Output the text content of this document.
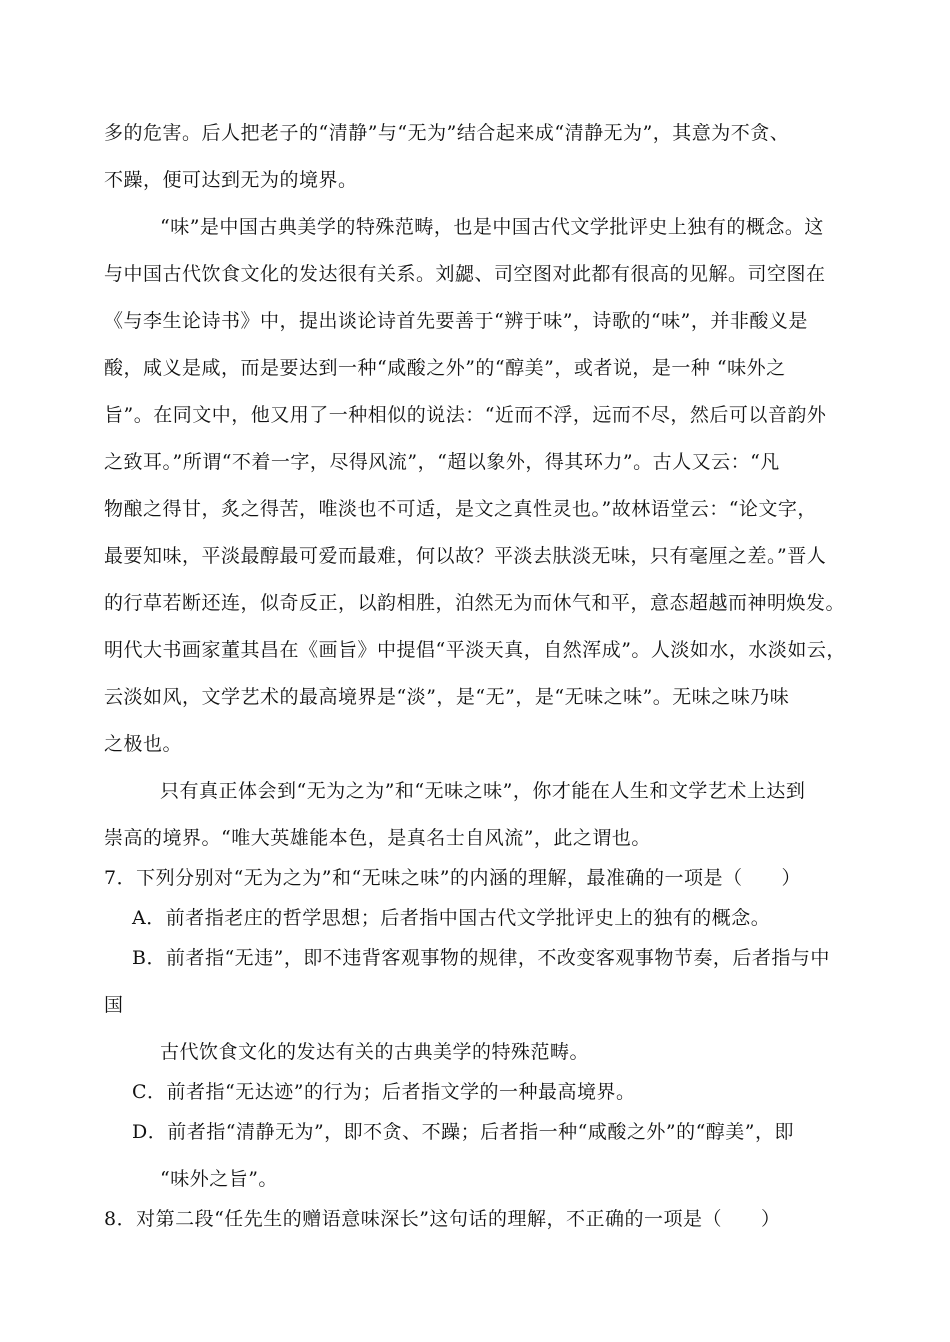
多的危害。后人把老子的“清静”与“无为”结合起来成“清静无为”，其意为不贪、
不躁，便可达到无为的境界。
“味”是中国古典美学的特殊范畴，也是中国古代文学批评史上独有的概念。这
与中国古代饮食文化的发达很有关系。刘勰、司空图对此都有很高的见解。司空图在
《与李生论诗书》中，提出谈论诗首先要善于“辨于味”，诗歌的“味”，并非酸义是
酸，咸义是咸，而是要达到一种“咸酸之外”的“醇美”，或者说，是一种 “味外之
旨”。在同文中，他又用了一种相似的说法：“近而不浮，远而不尽，然后可以音韵外
之致耳。”所谓“不着一字，尽得风流”，“超以象外，得其环力”。古人又云：“凡
物酿之得甘，炙之得苦，唯淡也不可适，是文之真性灵也。”故林语堂云：“论文字，
最要知味，平淡最醇最可爱而最难，何以故？平淡去肤淡无味，只有毫厘之差。”晋人
的行草若断还连，似奇反正，以韵相胜，泊然无为而休气和平，意态超越而神明焕发。
明代大书画家董其昌在《画旨》中提倡“平淡天真，自然浑成”。人淡如水，水淡如云，
云淡如风，文学艺术的最高境界是“淡”，是“无”，是“无味之味”。无味之味乃味
之极也。
只有真正体会到“无为之为”和“无味之味”，你才能在人生和文学艺术上达到
崇高的境界。“唯大英雄能本色，是真名士自风流”，此之谓也。
7．下列分别对“无为之为”和“无味之味”的内涵的理解，最准确的一项是（　　）
A．前者指老庄的哲学思想；后者指中国古代文学批评史上的独有的概念。
B．前者指“无违”，即不违背客观事物的规律，不改变客观事物节奏，后者指与中
国
古代饮食文化的发达有关的古典美学的特殊范畴。
C．前者指“无达迹”的行为；后者指文学的一种最高境界。
D．前者指“清静无为”，即不贪、不躁；后者指一种“咸酸之外”的“醇美”，即
“味外之旨”。
8．对第二段“任先生的赠语意味深长”这句话的理解，不正确的一项是（　　）
